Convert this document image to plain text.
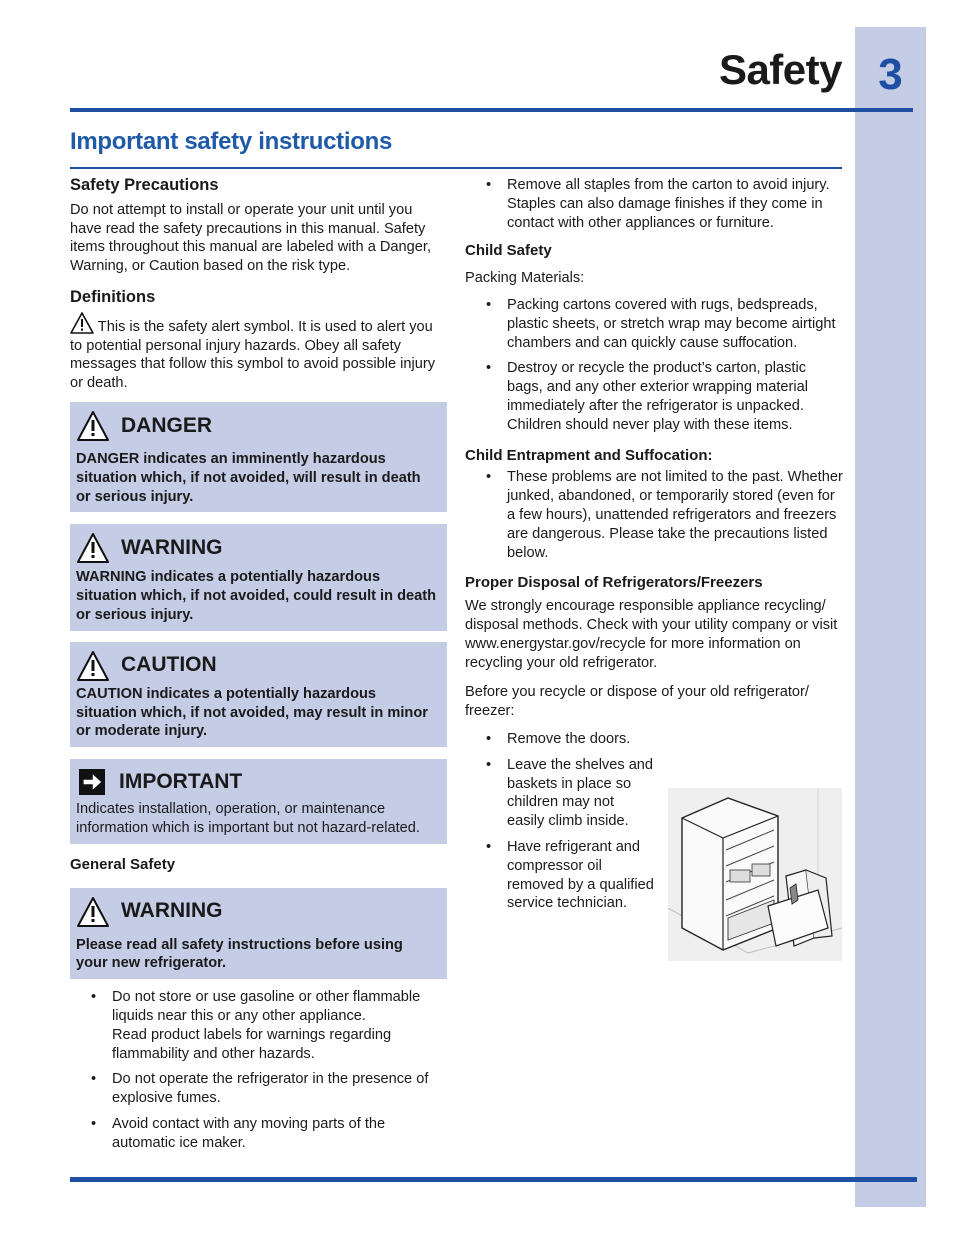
3
Safety
Important safety instructions
Safety Precautions

Do not attempt to install or operate your unit until you have read the safety precautions in this manual. Safety items throughout this manual are labeled with a Danger, Warning, or Caution based on the risk type.

Definitions

This is the safety alert symbol. It is used to alert you to potential personal injury hazards. Obey all safety messages that follow this symbol to avoid possible injury or death.

DANGER
DANGER indicates an imminently hazardous situation which, if not avoided, will result in death or serious injury.
WARNING
WARNING indicates a potentially hazardous situation which, if not avoided, could result in death or serious injury.
CAUTION
CAUTION indicates a potentially hazardous situation which, if not avoided, may result in minor or moderate injury.
IMPORTANT
Indicates installation, operation, or maintenance information which is important but not hazard-related.
General Safety
WARNING
Please read all safety instructions before using your new refrigerator.
• Do not store or use gasoline or other flammable liquids near this or any other appliance.
Read product labels for warnings regarding flammability and other hazards.
• Do not operate the refrigerator in the presence of explosive fumes.
• Avoid contact with any moving parts of the automatic ice maker.
• Remove all staples from the carton to avoid injury. Staples can also damage finishes if they come in contact with other appliances or furniture.
Child Safety

Packing Materials:

• Packing cartons covered with rugs, bedspreads, plastic sheets, or stretch wrap may become airtight chambers and can quickly cause suffocation.
• Destroy or recycle the product’s carton, plastic bags, and any other exterior wrapping material immediately after the refrigerator is unpacked. Children should never play with these items.
Child Entrapment and Suffocation:
• These problems are not limited to the past. Whether junked, abandoned, or temporarily stored (even for a few hours), unattended refrigerators and freezers are dangerous. Please take the precautions listed below.
Proper Disposal of Refrigerators/Freezers

We strongly encourage responsible appliance recycling/ disposal methods. Check with your utility company or visit www.energystar.gov/recycle for more information on recycling your old refrigerator.

Before you recycle or dispose of your old refrigerator/ freezer:

• Remove the doors.
• Leave the shelves and baskets in place so children may not easily climb inside.
• Have refrigerant and compressor oil removed by a qualified service technician.
